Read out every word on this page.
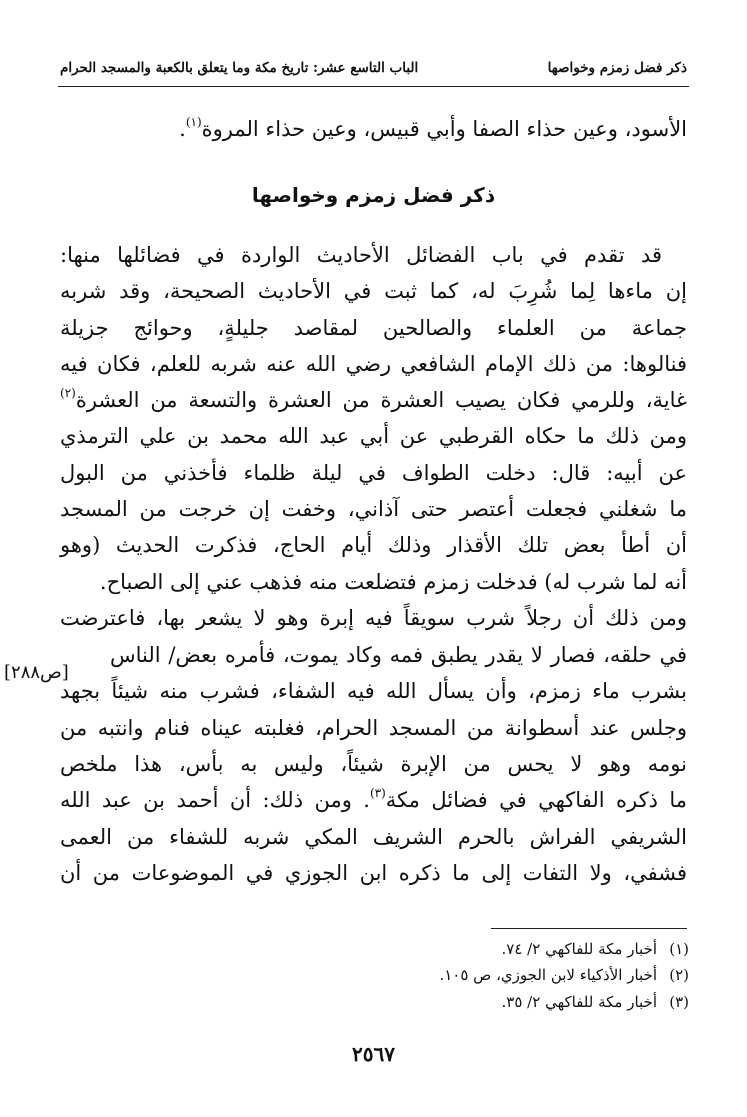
ذكر فضل زمزم وخواصها
الباب التاسع عشر: تاريخ مكة وما يتعلق بالكعبة والمسجد الحرام
الأسود، وعين حذاء الصفا وأبي قبيس، وعين حذاء المروة$^{(١)}$.
ذكر فضل زمزم وخواصها
قد تقدم في باب الفضائل الأحاديث الواردة في فضائلها منها:
إن ماءها لِما شُرِبَ له، كما ثبت في الأحاديث الصحيحة، وقد شربه
جماعة من العلماء والصالحين لمقاصد جليلةٍ، وحوائج جزيلة
فنالوها: من ذلك الإمام الشافعي رضي الله عنه شربه للعلم، فكان فيه
غاية، وللرمي فكان يصيب العشرة من العشرة والتسعة من العشرة$^{(٢)}$
ومن ذلك ما حكاه القرطبي عن أبي عبد الله محمد بن علي الترمذي
عن أبيه: قال: دخلت الطواف في ليلة ظلماء فأخذني من البول
ما شغلني فجعلت أعتصر حتى آذاني، وخفت إن خرجت من المسجد
أن أطأ بعض تلك الأقذار وذلك أيام الحاج، فذكرت الحديث (وهو
أنه لما شرب له) فدخلت زمزم فتضلعت منه فذهب عني إلى الصباح.
ومن ذلك أن رجلاً شرب سويقاً فيه إبرة وهو لا يشعر بها، فاعترضت
في حلقه، فصار لا يقدر يطبق فمه وكاد يموت، فأمره بعض/ الناس
[ص٢٨٨]
بشرب ماء زمزم، وأن يسأل الله فيه الشفاء، فشرب منه شيئاً بجهد
وجلس عند أسطوانة من المسجد الحرام، فغلبته عيناه فنام وانتبه من
نومه وهو لا يحس من الإبرة شيئاً، وليس به بأس، هذا ملخص
ما ذكره الفاكهي في فضائل مكة$^{(٣)}$. ومن ذلك: أن أحمد بن عبد الله
الشريفي الفراش بالحرم الشريف المكي شربه للشفاء من العمى
فشفي، ولا التفات إلى ما ذكره ابن الجوزي في الموضوعات من أن
(١)
أخبار مكة للفاكهي ٢/ ٧٤.
(٢)
أخبار الأذكياء لابن الجوزي، ص ١٠٥.
(٣)
أخبار مكة للفاكهي ٢/ ٣٥.
٢٥٦٧
